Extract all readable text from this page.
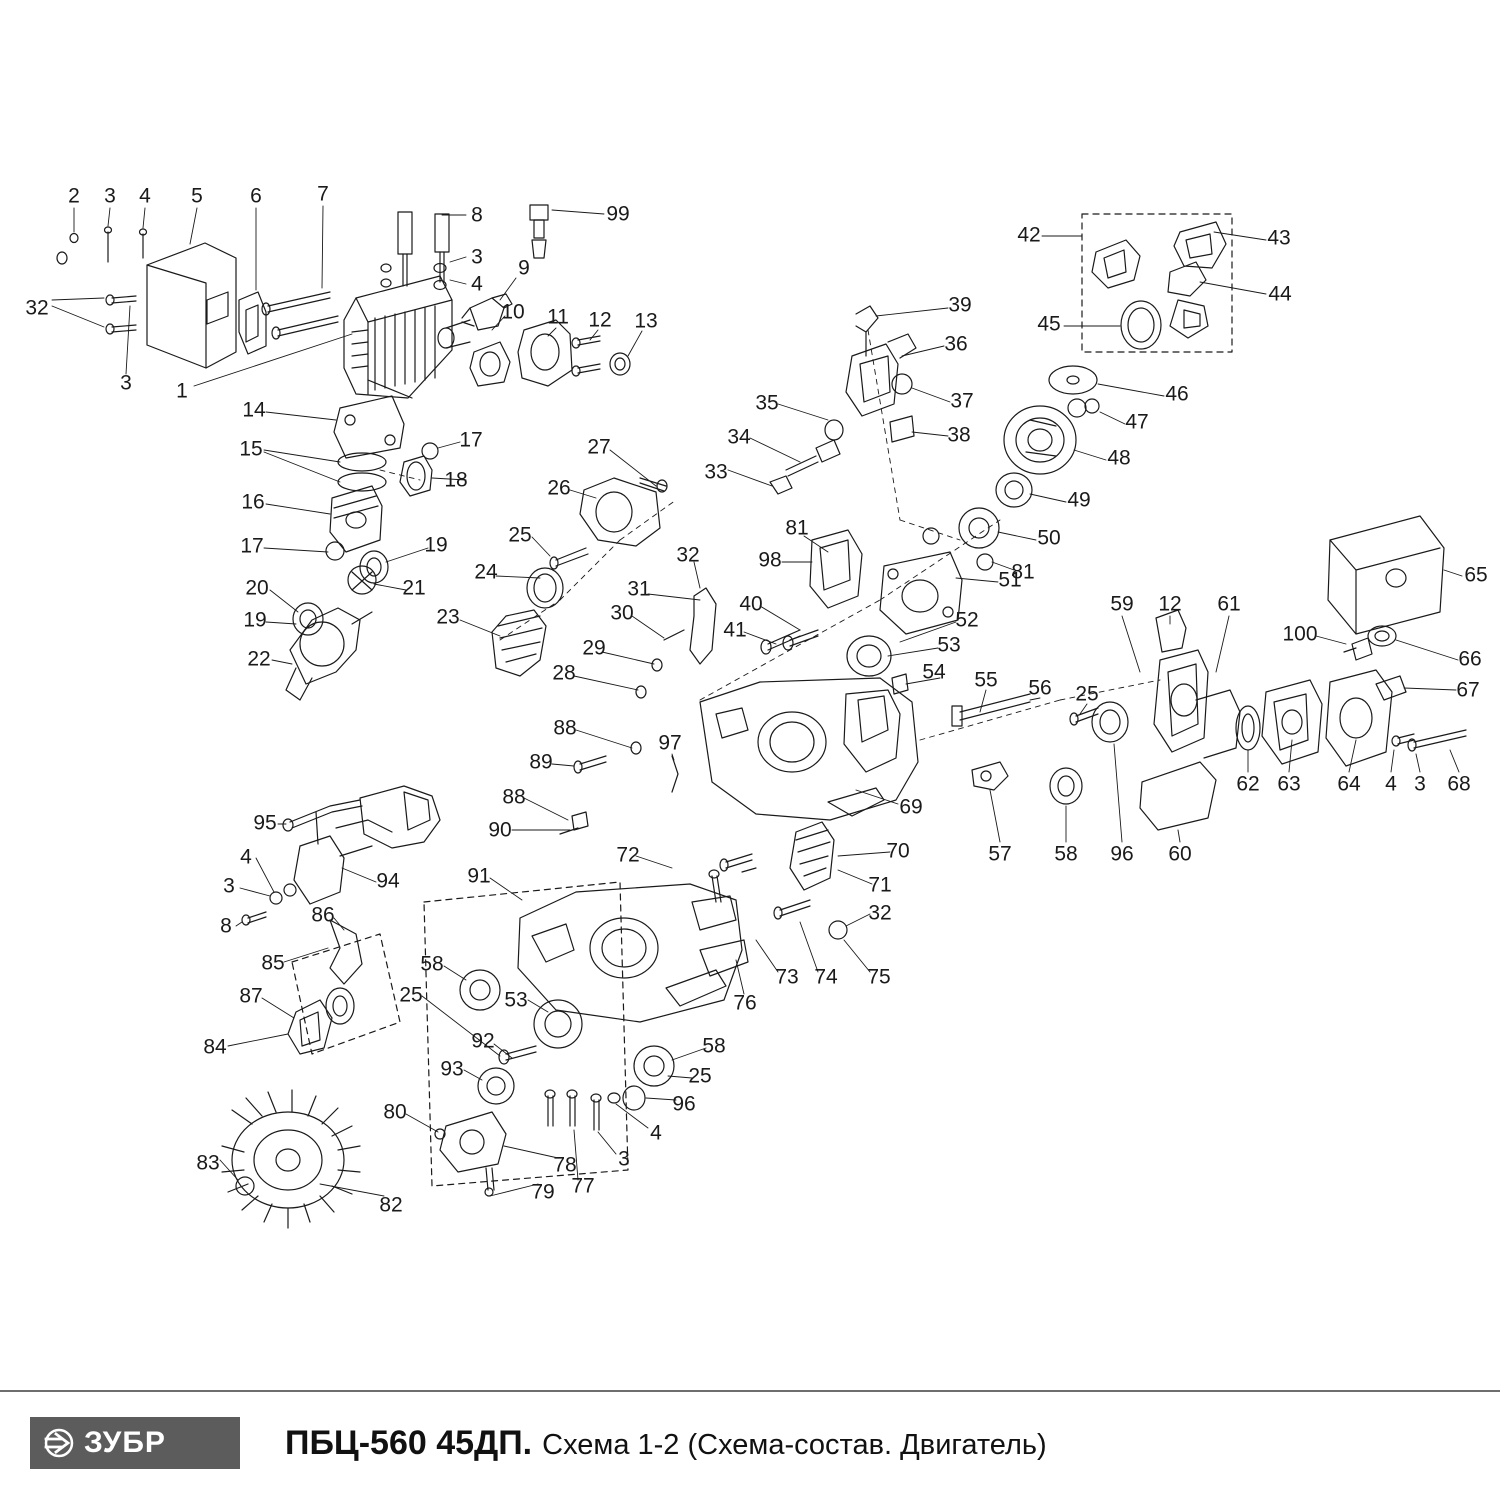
2 3 4 5 6	7
8	99
3
4
9
32	10 11 12 13
39
36
42	43
44
45
3 1
35	37
34	38
46
47
14
33
48
15	17
18
27
49
16
26
50
17	19	25	81
81	65
20	21
24
32	98
51
19	23
31
40	59 12 61
100
22
30
41	52
66
29	53
67
28	54 55 56 25
88
97
62 63 64 4 3 68
89
88	69
95	90
70	57 58 96 60
4	72
71
3	94	91
32
8	86
58
85
73 74 75
87	25	53	76
84	92	58
93	25
96
80
83
4
3
78
77
79
82
ЗУБР	ПБЦ-560 45ДП. Схема 1-2 (Схема-состав. Двигатель)
